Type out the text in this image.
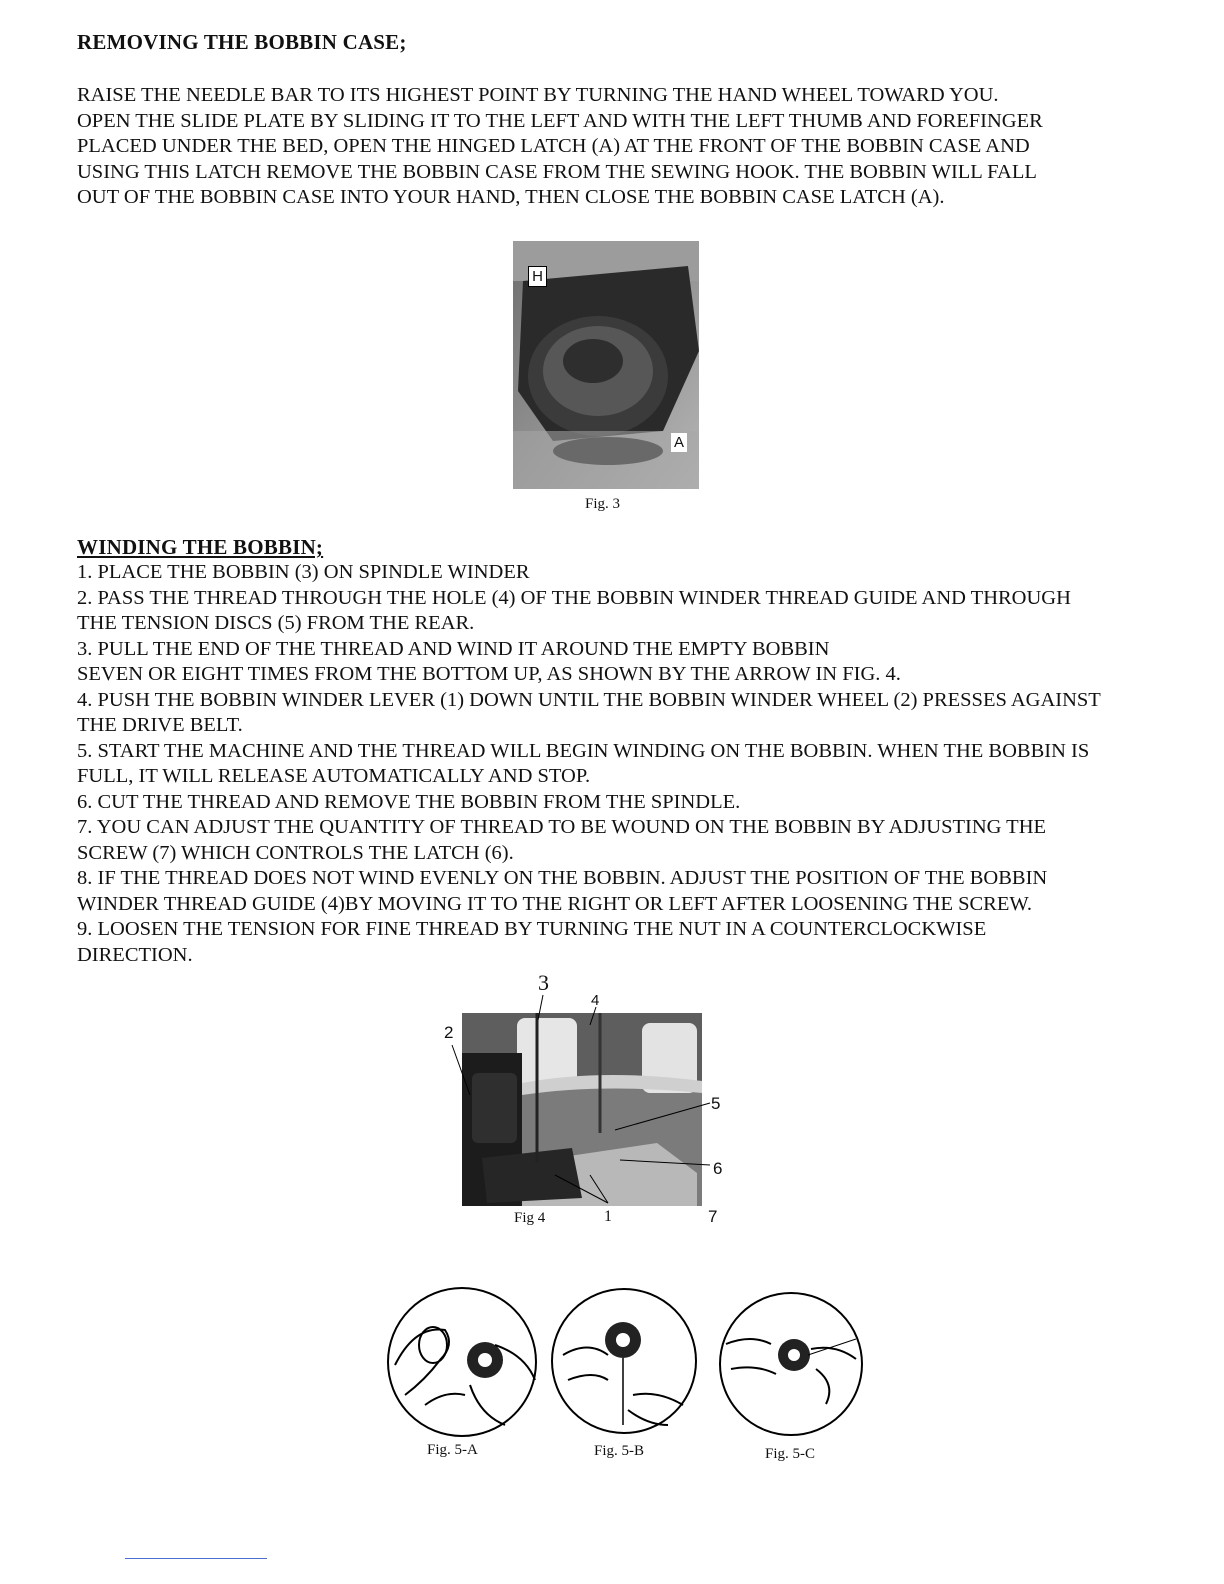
REMOVING THE BOBBIN CASE;
RAISE THE NEEDLE BAR TO ITS HIGHEST POINT BY TURNING THE HAND WHEEL TOWARD YOU.
OPEN THE SLIDE PLATE BY SLIDING IT TO THE LEFT AND WITH THE LEFT THUMB AND FOREFINGER
PLACED UNDER THE BED, OPEN THE HINGED LATCH (A) AT THE FRONT OF THE BOBBIN CASE AND
USING THIS LATCH REMOVE THE BOBBIN CASE FROM THE SEWING HOOK. THE BOBBIN WILL FALL
OUT OF THE BOBBIN CASE INTO YOUR HAND, THEN CLOSE THE BOBBIN CASE LATCH (A).
H
A
Fig. 3
WINDING THE BOBBIN;
1. PLACE THE BOBBIN (3) ON SPINDLE WINDER
2. PASS THE THREAD THROUGH THE HOLE (4) OF THE BOBBIN WINDER THREAD GUIDE AND THROUGH
THE TENSION DISCS (5) FROM THE REAR.
3. PULL THE END OF THE THREAD AND WIND IT AROUND THE EMPTY BOBBIN
SEVEN OR EIGHT TIMES FROM THE BOTTOM UP, AS SHOWN BY THE ARROW IN FIG. 4.
4. PUSH THE BOBBIN WINDER LEVER (1) DOWN UNTIL THE BOBBIN WINDER WHEEL (2) PRESSES AGAINST
THE DRIVE BELT.
5. START THE MACHINE AND THE THREAD WILL BEGIN WINDING ON THE BOBBIN. WHEN THE BOBBIN IS
FULL, IT WILL RELEASE AUTOMATICALLY AND STOP.
6. CUT THE THREAD AND REMOVE THE BOBBIN FROM THE SPINDLE.
7. YOU CAN ADJUST THE QUANTITY OF THREAD TO BE WOUND ON THE BOBBIN BY ADJUSTING THE
SCREW (7) WHICH CONTROLS THE LATCH (6).
8. IF THE THREAD DOES NOT WIND EVENLY ON THE BOBBIN. ADJUST THE POSITION OF THE BOBBIN
WINDER THREAD GUIDE (4)BY MOVING IT TO THE RIGHT OR LEFT AFTER LOOSENING THE SCREW.
9. LOOSEN THE TENSION FOR FINE THREAD BY TURNING THE NUT IN A COUNTERCLOCKWISE
DIRECTION.
3
4
2
5
6
1	7
Fig 4
Fig. 5-A	Fig. 5-B	Fig. 5-C
